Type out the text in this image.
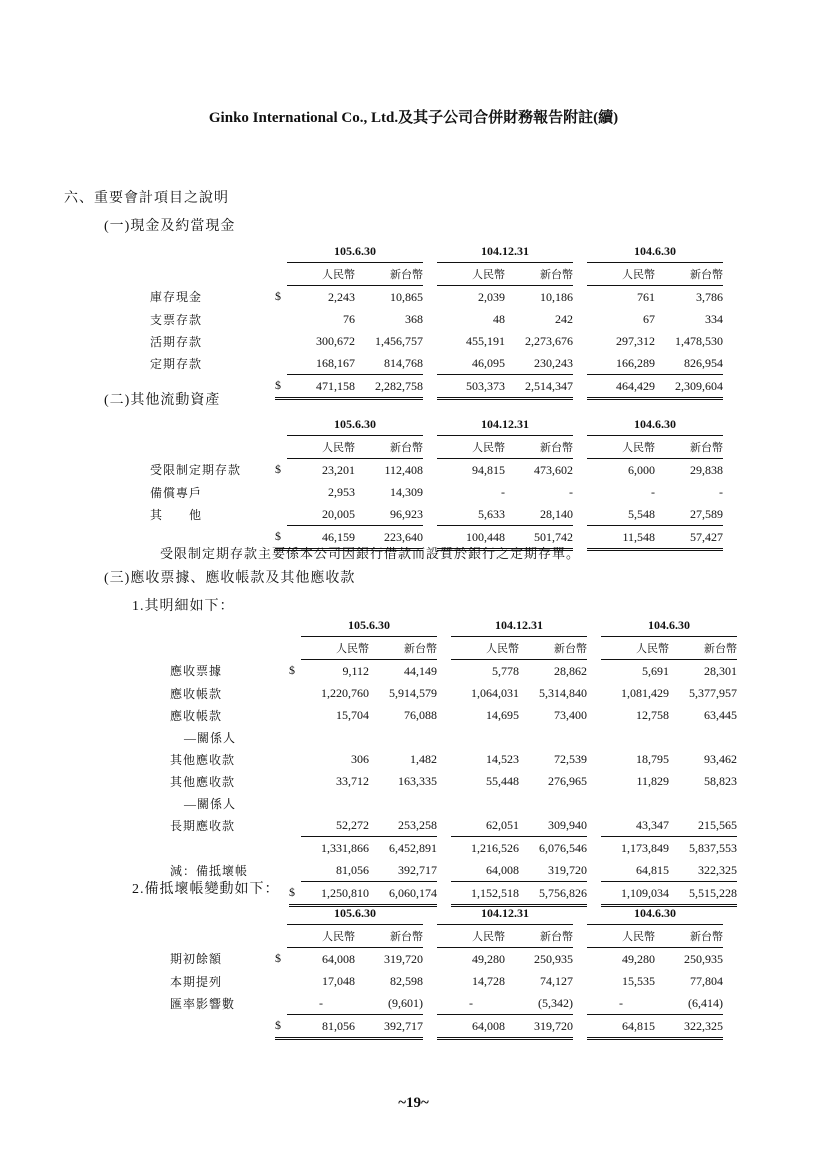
Ginko International Co., Ltd.及其子公司合併財務報告附註(續)
六、重要會計項目之說明
(一)現金及約當現金
		105.6.30			104.12.31			104.6.30	
		人民幣	新台幣		人民幣	新台幣		人民幣	新台幣
庫存現金	$	2,243	10,865		2,039	10,186		761	3,786
支票存款		76	368		48	242		67	334
活期存款		300,672	1,456,757		455,191	2,273,676		297,312	1,478,530
定期存款		168,167	814,768		46,095	230,243		166,289	826,954
	$	471,158	2,282,758		503,373	2,514,347		464,429	2,309,604
(二)其他流動資產
		105.6.30			104.12.31			104.6.30	
		人民幣	新台幣		人民幣	新台幣		人民幣	新台幣
受限制定期存款	$	23,201	112,408		94,815	473,602		6,000	29,838
備償專戶		2,953	14,309		-	-		-	-
其　　他		20,005	96,923		5,633	28,140		5,548	27,589
	$	46,159	223,640		100,448	501,742		11,548	57,427
受限制定期存款主要係本公司因銀行借款而設質於銀行之定期存單。
(三)應收票據、應收帳款及其他應收款
1.其明細如下：
		105.6.30			104.12.31			104.6.30	
		人民幣	新台幣		人民幣	新台幣		人民幣	新台幣
應收票據	$	9,112	44,149		5,778	28,862		5,691	28,301
應收帳款		1,220,760	5,914,579		1,064,031	5,314,840		1,081,429	5,377,957
應收帳款		15,704	76,088		14,695	73,400		12,758	63,445
—關係人									
其他應收款		306	1,482		14,523	72,539		18,795	93,462
其他應收款		33,712	163,335		55,448	276,965		11,829	58,823
—關係人									
長期應收款		52,272	253,258		62,051	309,940		43,347	215,565
		1,331,866	6,452,891		1,216,526	6,076,546		1,173,849	5,837,553
減：備抵壞帳		81,056	392,717		64,008	319,720		64,815	322,325
	$	1,250,810	6,060,174		1,152,518	5,756,826		1,109,034	5,515,228
2.備抵壞帳變動如下：
		105.6.30			104.12.31			104.6.30	
		人民幣	新台幣		人民幣	新台幣		人民幣	新台幣
期初餘額	$	64,008	319,720		49,280	250,935		49,280	250,935
本期提列		17,048	82,598		14,728	74,127		15,535	77,804
匯率影響數		-	(9,601)		-	(5,342)		-	(6,414)
	$	81,056	392,717		64,008	319,720		64,815	322,325
~19~
